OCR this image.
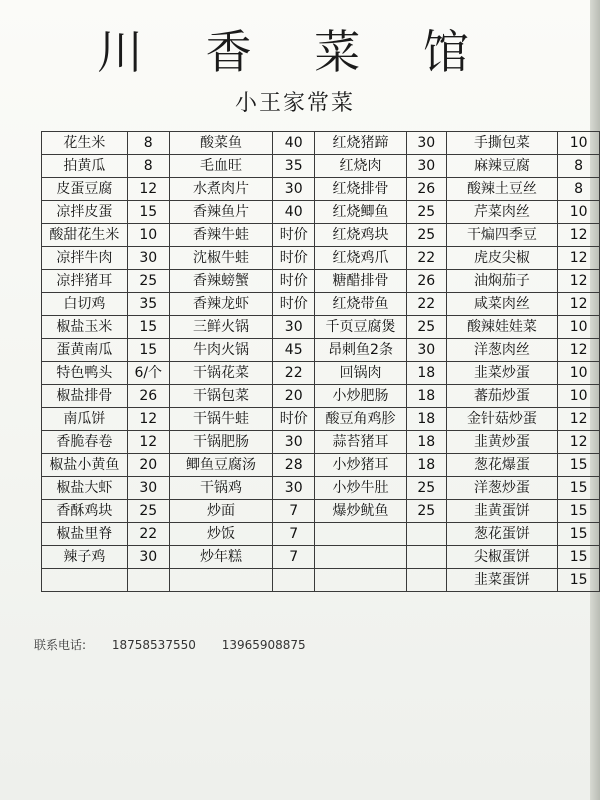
川 香 菜 馆
小王家常菜
花生米	8	酸菜鱼	40	红烧猪蹄	30	手撕包菜	10
拍黄瓜	8	毛血旺	35	红烧肉	30	麻辣豆腐	8
皮蛋豆腐	12	水煮肉片	30	红烧排骨	26	酸辣土豆丝	8
凉拌皮蛋	15	香辣鱼片	40	红烧鲫鱼	25	芹菜肉丝	10
酸甜花生米	10	香辣牛蛙	时价	红烧鸡块	25	干煸四季豆	12
凉拌牛肉	30	沈椒牛蛙	时价	红烧鸡爪	22	虎皮尖椒	12
凉拌猪耳	25	香辣螃蟹	时价	糖醋排骨	26	油焖茄子	12
白切鸡	35	香辣龙虾	时价	红烧带鱼	22	咸菜肉丝	12
椒盐玉米	15	三鲜火锅	30	千页豆腐煲	25	酸辣娃娃菜	10
蛋黄南瓜	15	牛肉火锅	45	昂刺鱼2条	30	洋葱肉丝	12
特色鸭头	6/个	干锅花菜	22	回锅肉	18	韭菜炒蛋	10
椒盐排骨	26	干锅包菜	20	小炒肥肠	18	蕃茄炒蛋	10
南瓜饼	12	干锅牛蛙	时价	酸豆角鸡胗	18	金针菇炒蛋	12
香脆春卷	12	干锅肥肠	30	蒜苔猪耳	18	韭黄炒蛋	12
椒盐小黄鱼	20	鲫鱼豆腐汤	28	小炒猪耳	18	葱花爆蛋	15
椒盐大虾	30	干锅鸡	30	小炒牛肚	25	洋葱炒蛋	15
香酥鸡块	25	炒面	7	爆炒鱿鱼	25	韭黄蛋饼	15
椒盐里脊	22	炒饭	7			葱花蛋饼	15
辣子鸡	30	炒年糕	7			尖椒蛋饼	15
						韭菜蛋饼	15
联系电话: 18758537550 13965908875
